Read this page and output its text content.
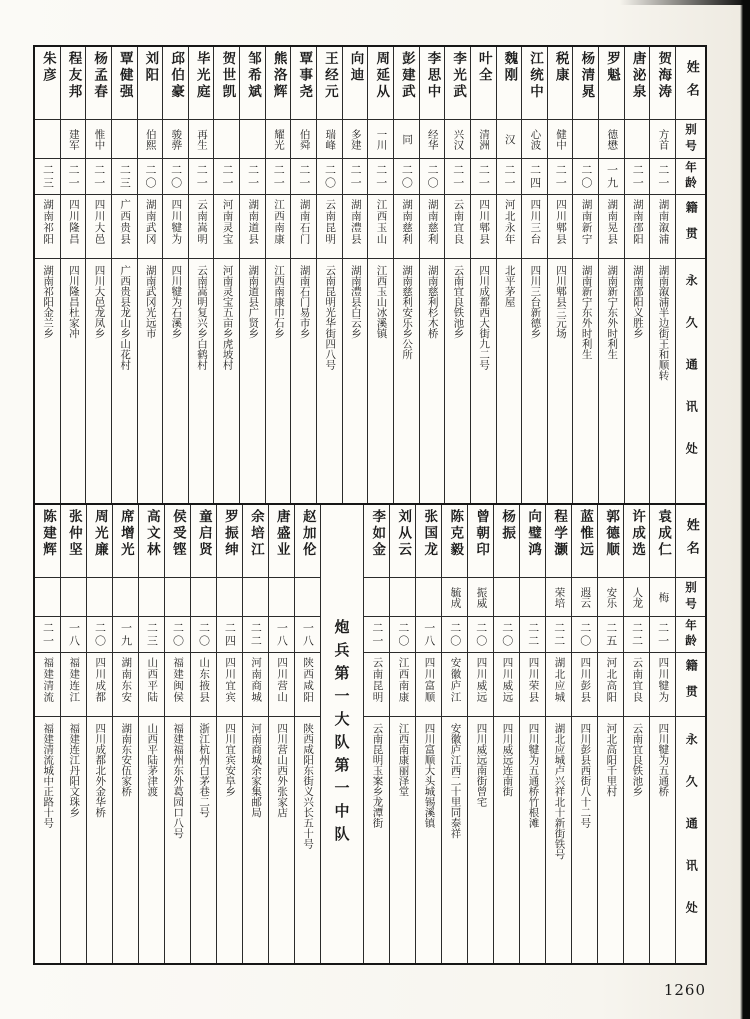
姓名
别号
年龄
籍贯
永久通讯处
贺海涛
方首
二一
湖南溆浦
湖南溆浦半边街王和顺转
唐泌泉
二一
湖南邵阳
湖南邵阳义胜乡
罗魁
德懋
一九
湖南晃县
湖南新宁东外时利生
杨清晁
二〇
湖南新宁
湖南新宁东外时利生
税康
健中
二一
四川郫县
四川郫县三元场
江统中
心波
二四
四川三台
四川三台新德乡
魏刚
汉
二一
河北永年
北平茅屋
叶全
清洲
二一
四川郫县
四川成都西大街九二号
李光武
兴汉
二一
云南宜良
云南宜良铁池乡
李思中
经华
二〇
湖南慈利
湖南慈利杉木桥
彭建武
同
二〇
湖南慈利
湖南慈利安乐乡公所
周延从
一川
二一
江西玉山
江西玉山冰溪镇
向迪
多建
二一
湖南澧县
湖南澧县白云乡
王经元
瑞峰
二〇
云南昆明
云南昆明光华街四八号
覃事尧
伯舜
二一
湖南石门
湖南石门易市乡
熊洛辉
耀光
二一
江西南康
江西南康巾石乡
邹希斌
二一
湖南道县
湖南道县广贤乡
贺世凯
二一
河南灵宝
河南灵宝五亩乡虎坡村
毕光庭
再生
二一
云南嵩明
云南嵩明复兴乡白鹤村
邱伯豪
骏骅
二〇
四川犍为
四川犍为石溪乡
刘阳
伯熙
二〇
湖南武冈
湖南武冈光远市
覃健强
二三
广西贵县
广西贵县龙山乡山花村
杨孟春
惟中
二一
四川大邑
四川大邑龙凤乡
程友邦
建军
二一
四川隆昌
四川隆昌杜家冲
朱彦
二三
湖南祁阳
湖南祁阳金兰乡
姓名
别号
年龄
籍贯
永久通讯处
袁成仁
梅
二一
四川犍为
四川犍为五通桥
许成选
人龙
二二
云南宜良
云南宜良铁池乡
郭德顺
安乐
二五
河北高阳
河北高阳千里村
蓝惟远
遐云
二〇
四川彭县
四川彭县西街八十二号
程学灏
荣培
二二
湖北应城
湖北应城卢兴祥北十新街铁号
向璧鸿
二二
四川荣县
四川犍为五通桥竹根滩
杨振
二〇
四川威远
四川威远连南街
曾朝印
振威
二〇
四川威远
四川威远南街曾宅
陈克毅
毓成
二〇
安徽庐江
安徽庐江西二十里同泰祥
张国龙
一八
四川富顺
四川富顺大头城锡溪镇
刘从云
二〇
江西南康
江西南康丽泽堂
李如金
二一
云南昆明
云南昆明玉案乡龙潭街
炮兵第一大队第一中队
赵加伦
一八
陕西咸阳
陕西咸阳东街义兴长五十号
唐盛业
一八
四川营山
四川营山西外张家店
余培江
二二
河南商城
河南商城余家集邮局
罗振绅
二四
四川宜宾
四川宜宾安阜乡
童启贤
二〇
山东掖县
浙江杭州白茅巷二号
侯受铿
二〇
福建闽侯
福建福州东外葛园口八号
高文林
二三
山西平陆
山西平陆茅津渡
席增光
一九
湖南东安
湖南东安伍家桥
周光廉
二〇
四川成都
四川成都北外金华桥
张仲坚
一八
福建连江
福建连江丹阳文珠乡
陈建辉
二一
福建清流
福建清流城中正路十号
1260
